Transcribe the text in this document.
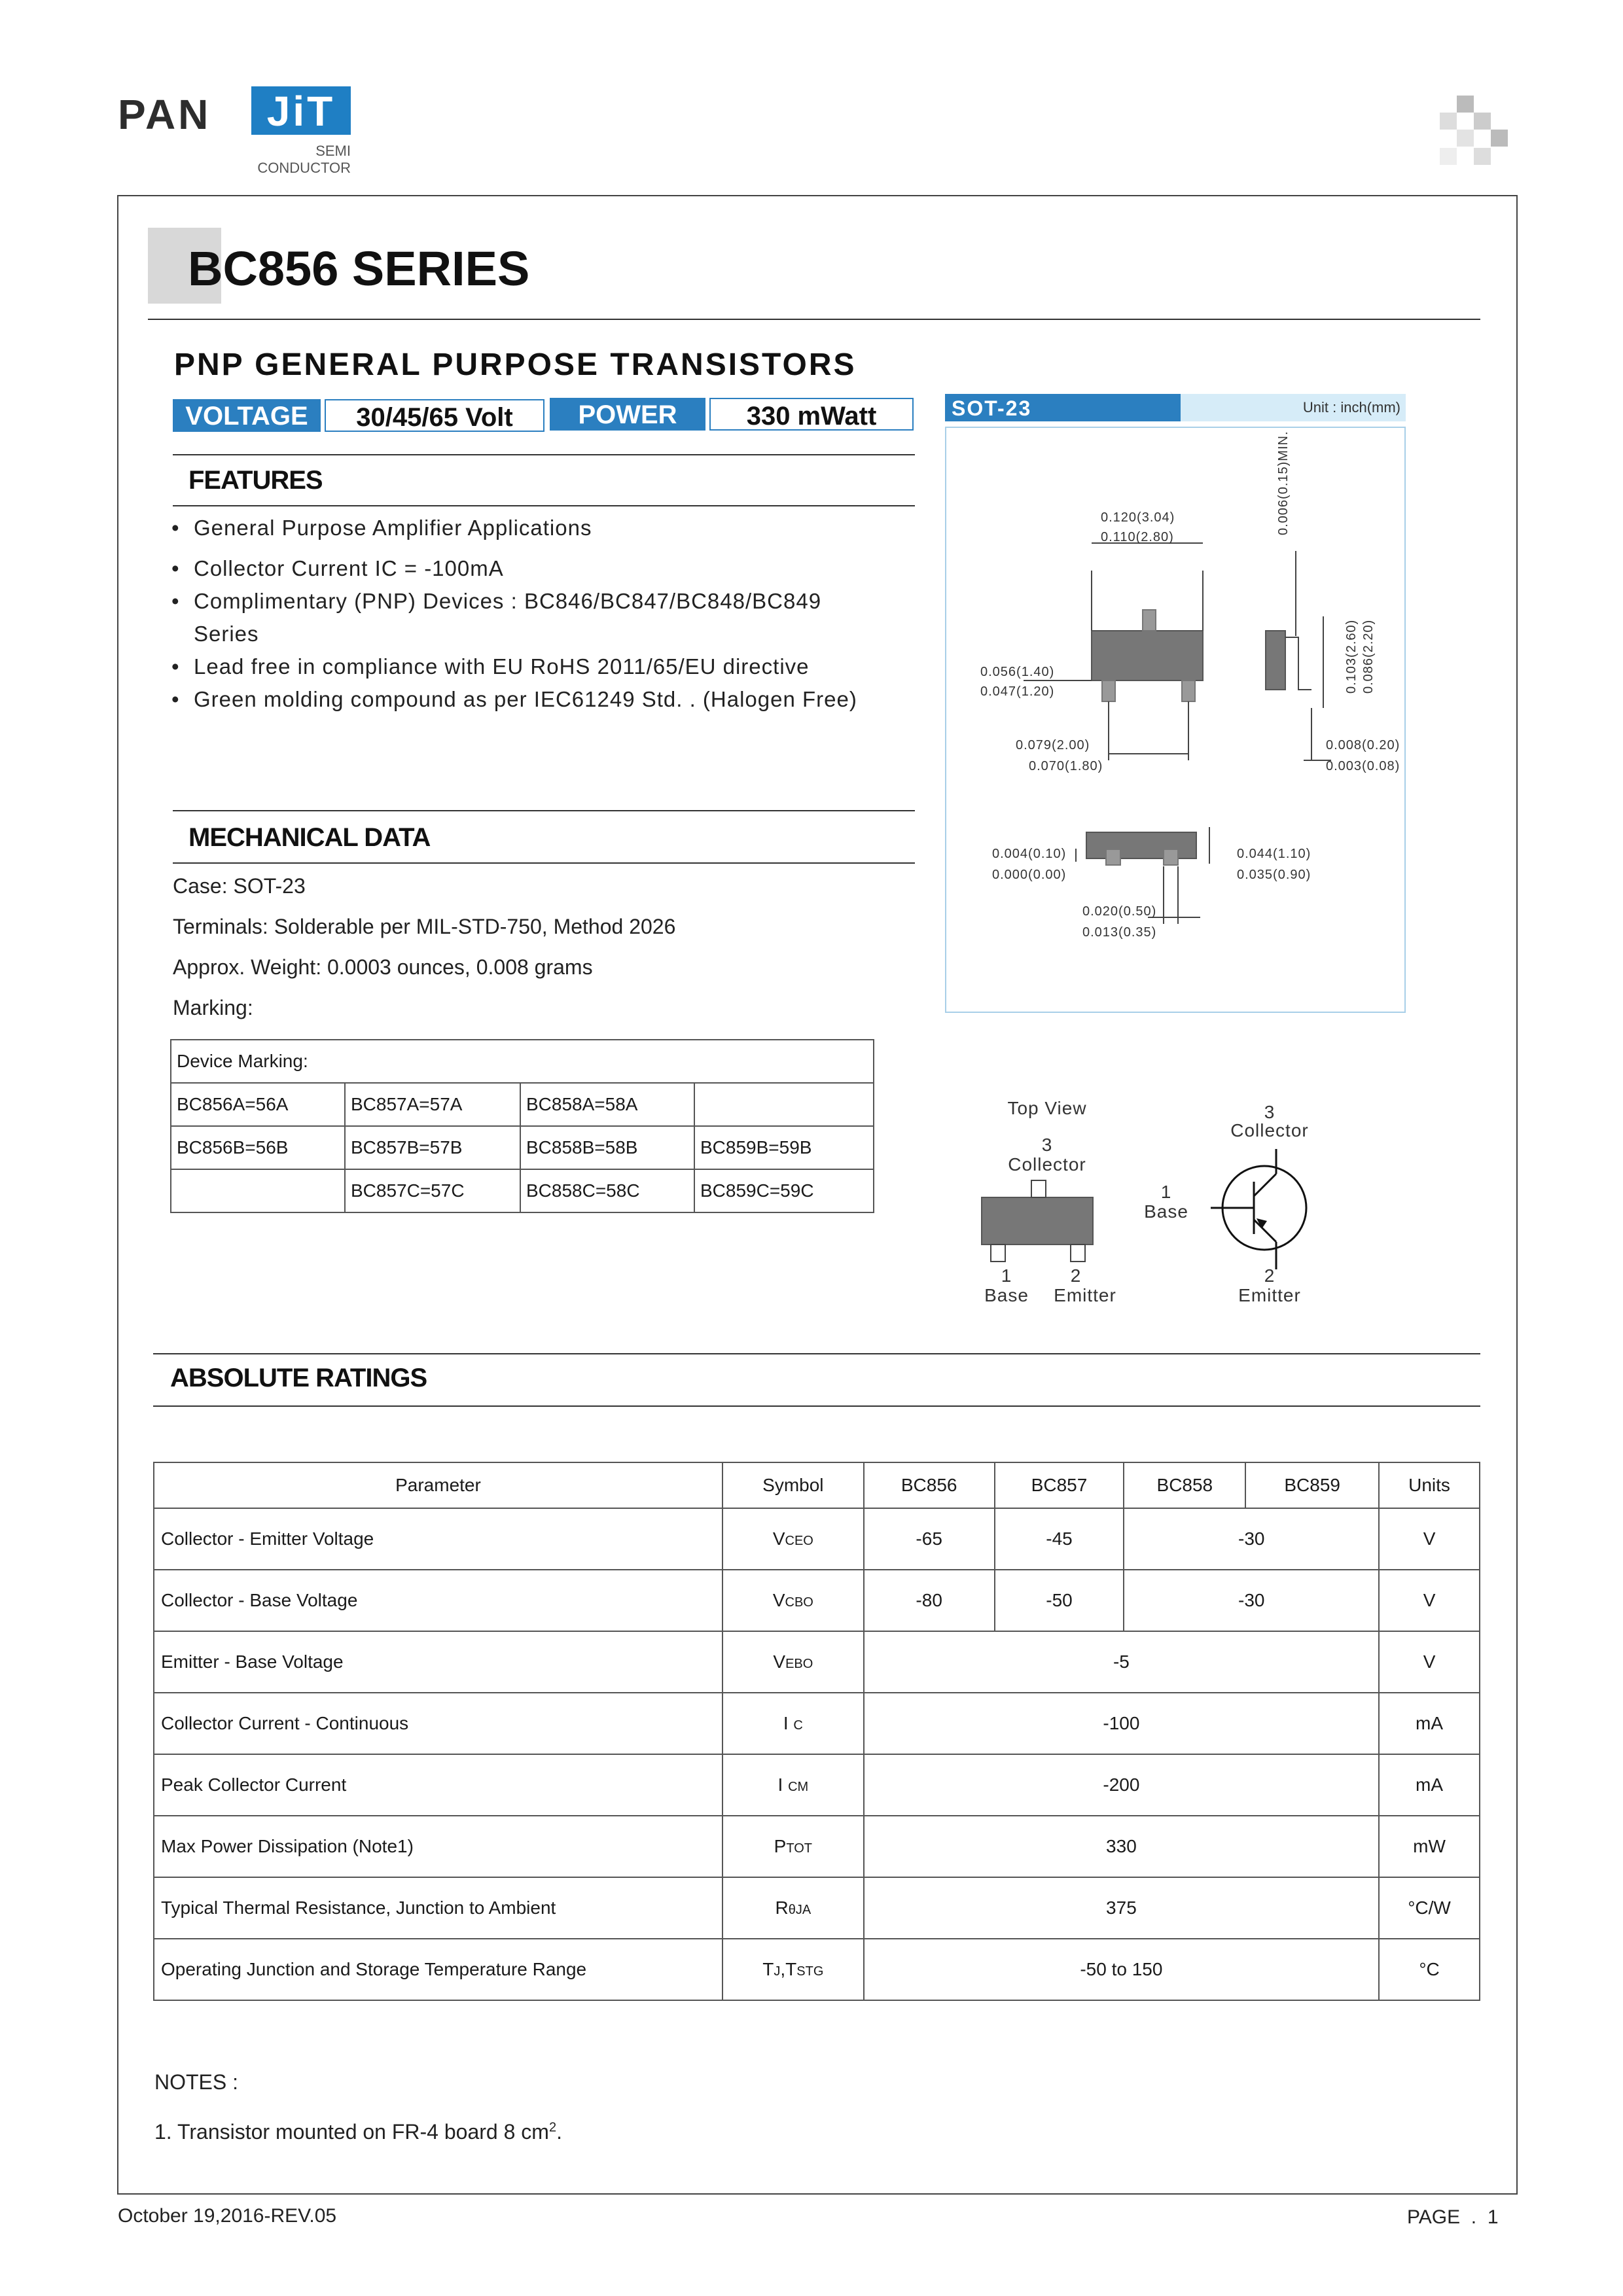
PAN	JiT
SEMI
CONDUCTOR
BC856 SERIES
PNP GENERAL PURPOSE TRANSISTORS
VOLTAGE	30/45/65 Volt	POWER	330 mWatt
FEATURES
• General Purpose Amplifier Applications
• Collector Current IC = -100mA
• Complimentary (PNP) Devices : BC846/BC847/BC848/BC849
Series
• Lead free in compliance with EU RoHS 2011/65/EU directive
• Green molding compound as per IEC61249 Std. . (Halogen Free)
MECHANICAL DATA
Case: SOT-23
Terminals: Solderable per MIL-STD-750, Method 2026
Approx. Weight: 0.0003 ounces, 0.008 grams
Marking:
Device Marking:			
BC856A=56A	BC857A=57A	BC858A=58A	
BC856B=56B	BC857B=57B	BC858B=58B	BC859B=59B
	BC857C=57C	BC858C=58C	BC859C=59C
SOT-23	Unit : inch(mm)
0.120(3.04)
0.110(2.80)
0.006(0.15)MIN.
0.103(2.60) 0.086(2.20)
0.056(1.40)
0.047(1.20)
0.079(2.00)
0.070(1.80)
0.008(0.20)
0.003(0.08)
0.004(0.10)
0.000(0.00)
0.044(1.10)
0.035(0.90)
0.020(0.50)
0.013(0.35)
Top View
3
Collector
1
Base
2
Emitter
3
Collector
1
Base
2
Emitter
ABSOLUTE RATINGS
Parameter	Symbol	BC856	BC857	BC858	BC859	Units
Collector - Emitter Voltage	VCEO	-65	-45	-30		V
Collector - Base Voltage	VCBO	-80	-50	-30		V
Emitter - Base Voltage	VEBO	-5				V
Collector Current - Continuous	I C	-100				mA
Peak Collector Current	I CM	-200				mA
Max Power Dissipation (Note1)	PTOT	330				mW
Typical Thermal Resistance, Junction to Ambient	RθJA	375				°C/W
Operating Junction and Storage Temperature Range	TJ,TSTG	-50 to 150				°C
NOTES :
1. Transistor mounted on FR-4 board 8 $cm^2$.
October 19,2016-REV.05	PAGE  .  1
